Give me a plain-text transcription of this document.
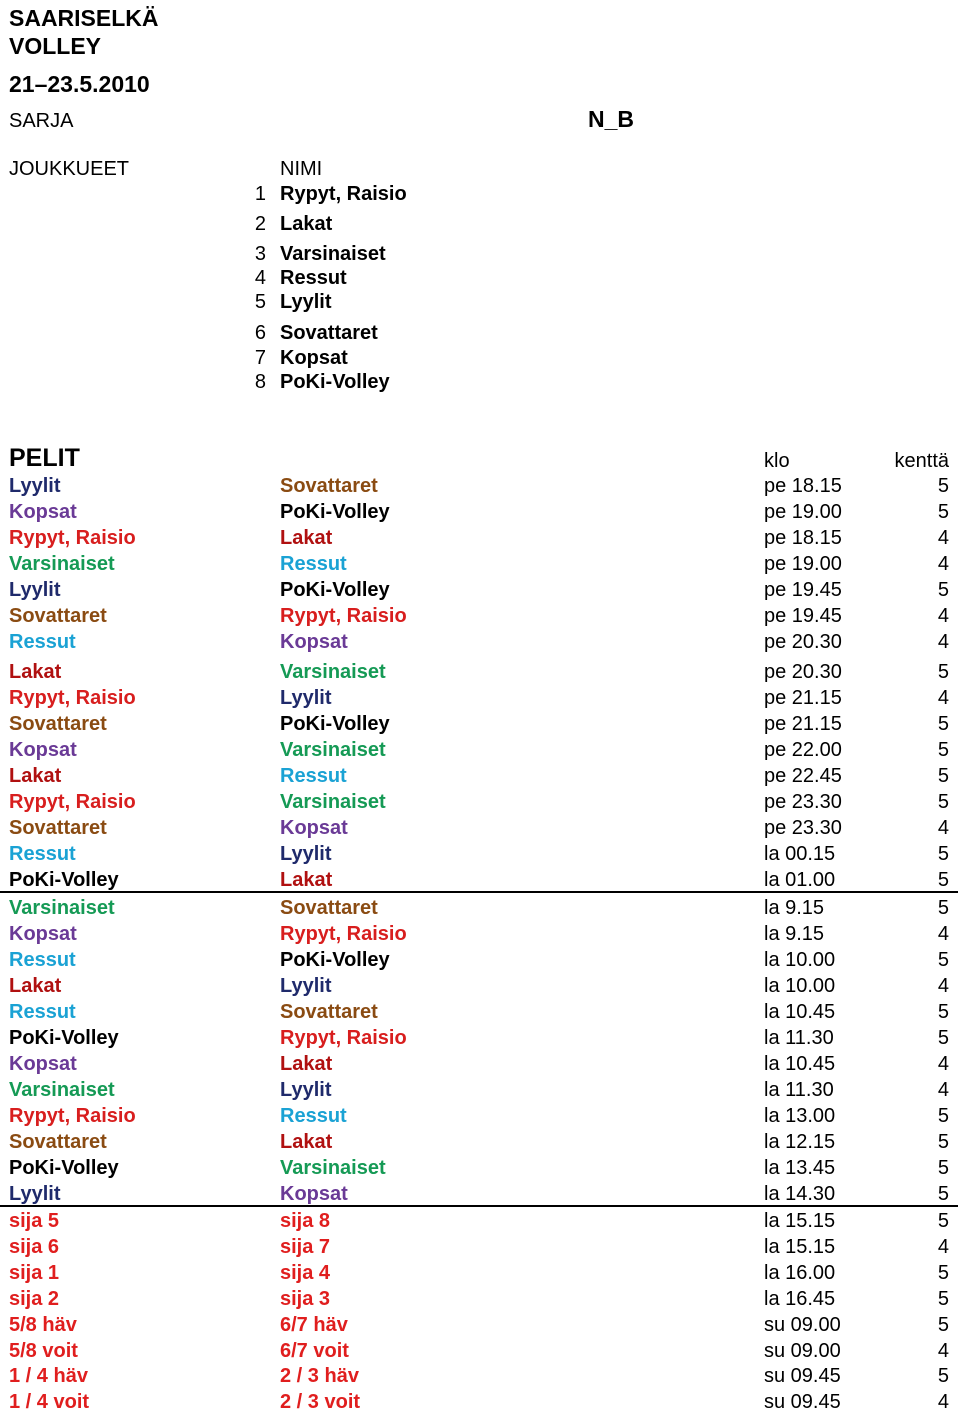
SAARISELKÄ
VOLLEY
21–23.5.2010
SARJA	N_B
JOUKKUEET	NIMI
1 Rypyt, Raisio
2 Lakat
3 Varsinaiset
4 Ressut
5 Lyylit
6 Sovattaret
7 Kopsat
8 PoKi-Volley
PELIT	klo	kenttä
Lyylit	Sovattaret	pe 18.15	5
Kopsat	PoKi-Volley	pe 19.00	5
Rypyt, Raisio	Lakat	pe 18.15	4
Varsinaiset	Ressut	pe 19.00	4
Lyylit	PoKi-Volley	pe 19.45	5
Sovattaret	Rypyt, Raisio	pe 19.45	4
Ressut	Kopsat	pe 20.30	4
Lakat	Varsinaiset	pe 20.30	5
Rypyt, Raisio	Lyylit	pe 21.15	4
Sovattaret	PoKi-Volley	pe 21.15	5
Kopsat	Varsinaiset	pe 22.00	5
Lakat	Ressut	pe 22.45	5
Rypyt, Raisio	Varsinaiset	pe 23.30	5
Sovattaret	Kopsat	pe 23.30	4
Ressut	Lyylit	la 00.15	5
PoKi-Volley	Lakat	la 01.00	5
Varsinaiset	Sovattaret	la 9.15	5
Kopsat	Rypyt, Raisio	la 9.15	4
Ressut	PoKi-Volley	la 10.00	5
Lakat	Lyylit	la 10.00	4
Ressut	Sovattaret	la 10.45	5
PoKi-Volley	Rypyt, Raisio	la 11.30	5
Kopsat	Lakat	la 10.45	4
Varsinaiset	Lyylit	la 11.30	4
Rypyt, Raisio	Ressut	la 13.00	5
Sovattaret	Lakat	la 12.15	5
PoKi-Volley	Varsinaiset	la 13.45	5
Lyylit	Kopsat	la 14.30	5
sija 5	sija 8	la 15.15	5
sija 6	sija 7	la 15.15	4
sija 1	sija 4	la 16.00	5
sija 2	sija 3	la 16.45	5
5/8 häv	6/7 häv	su 09.00	5
5/8 voit	6/7 voit	su 09.00	4
1 / 4 häv	2 / 3 häv	su 09.45	5
1 / 4 voit	2 / 3 voit	su 09.45	4
